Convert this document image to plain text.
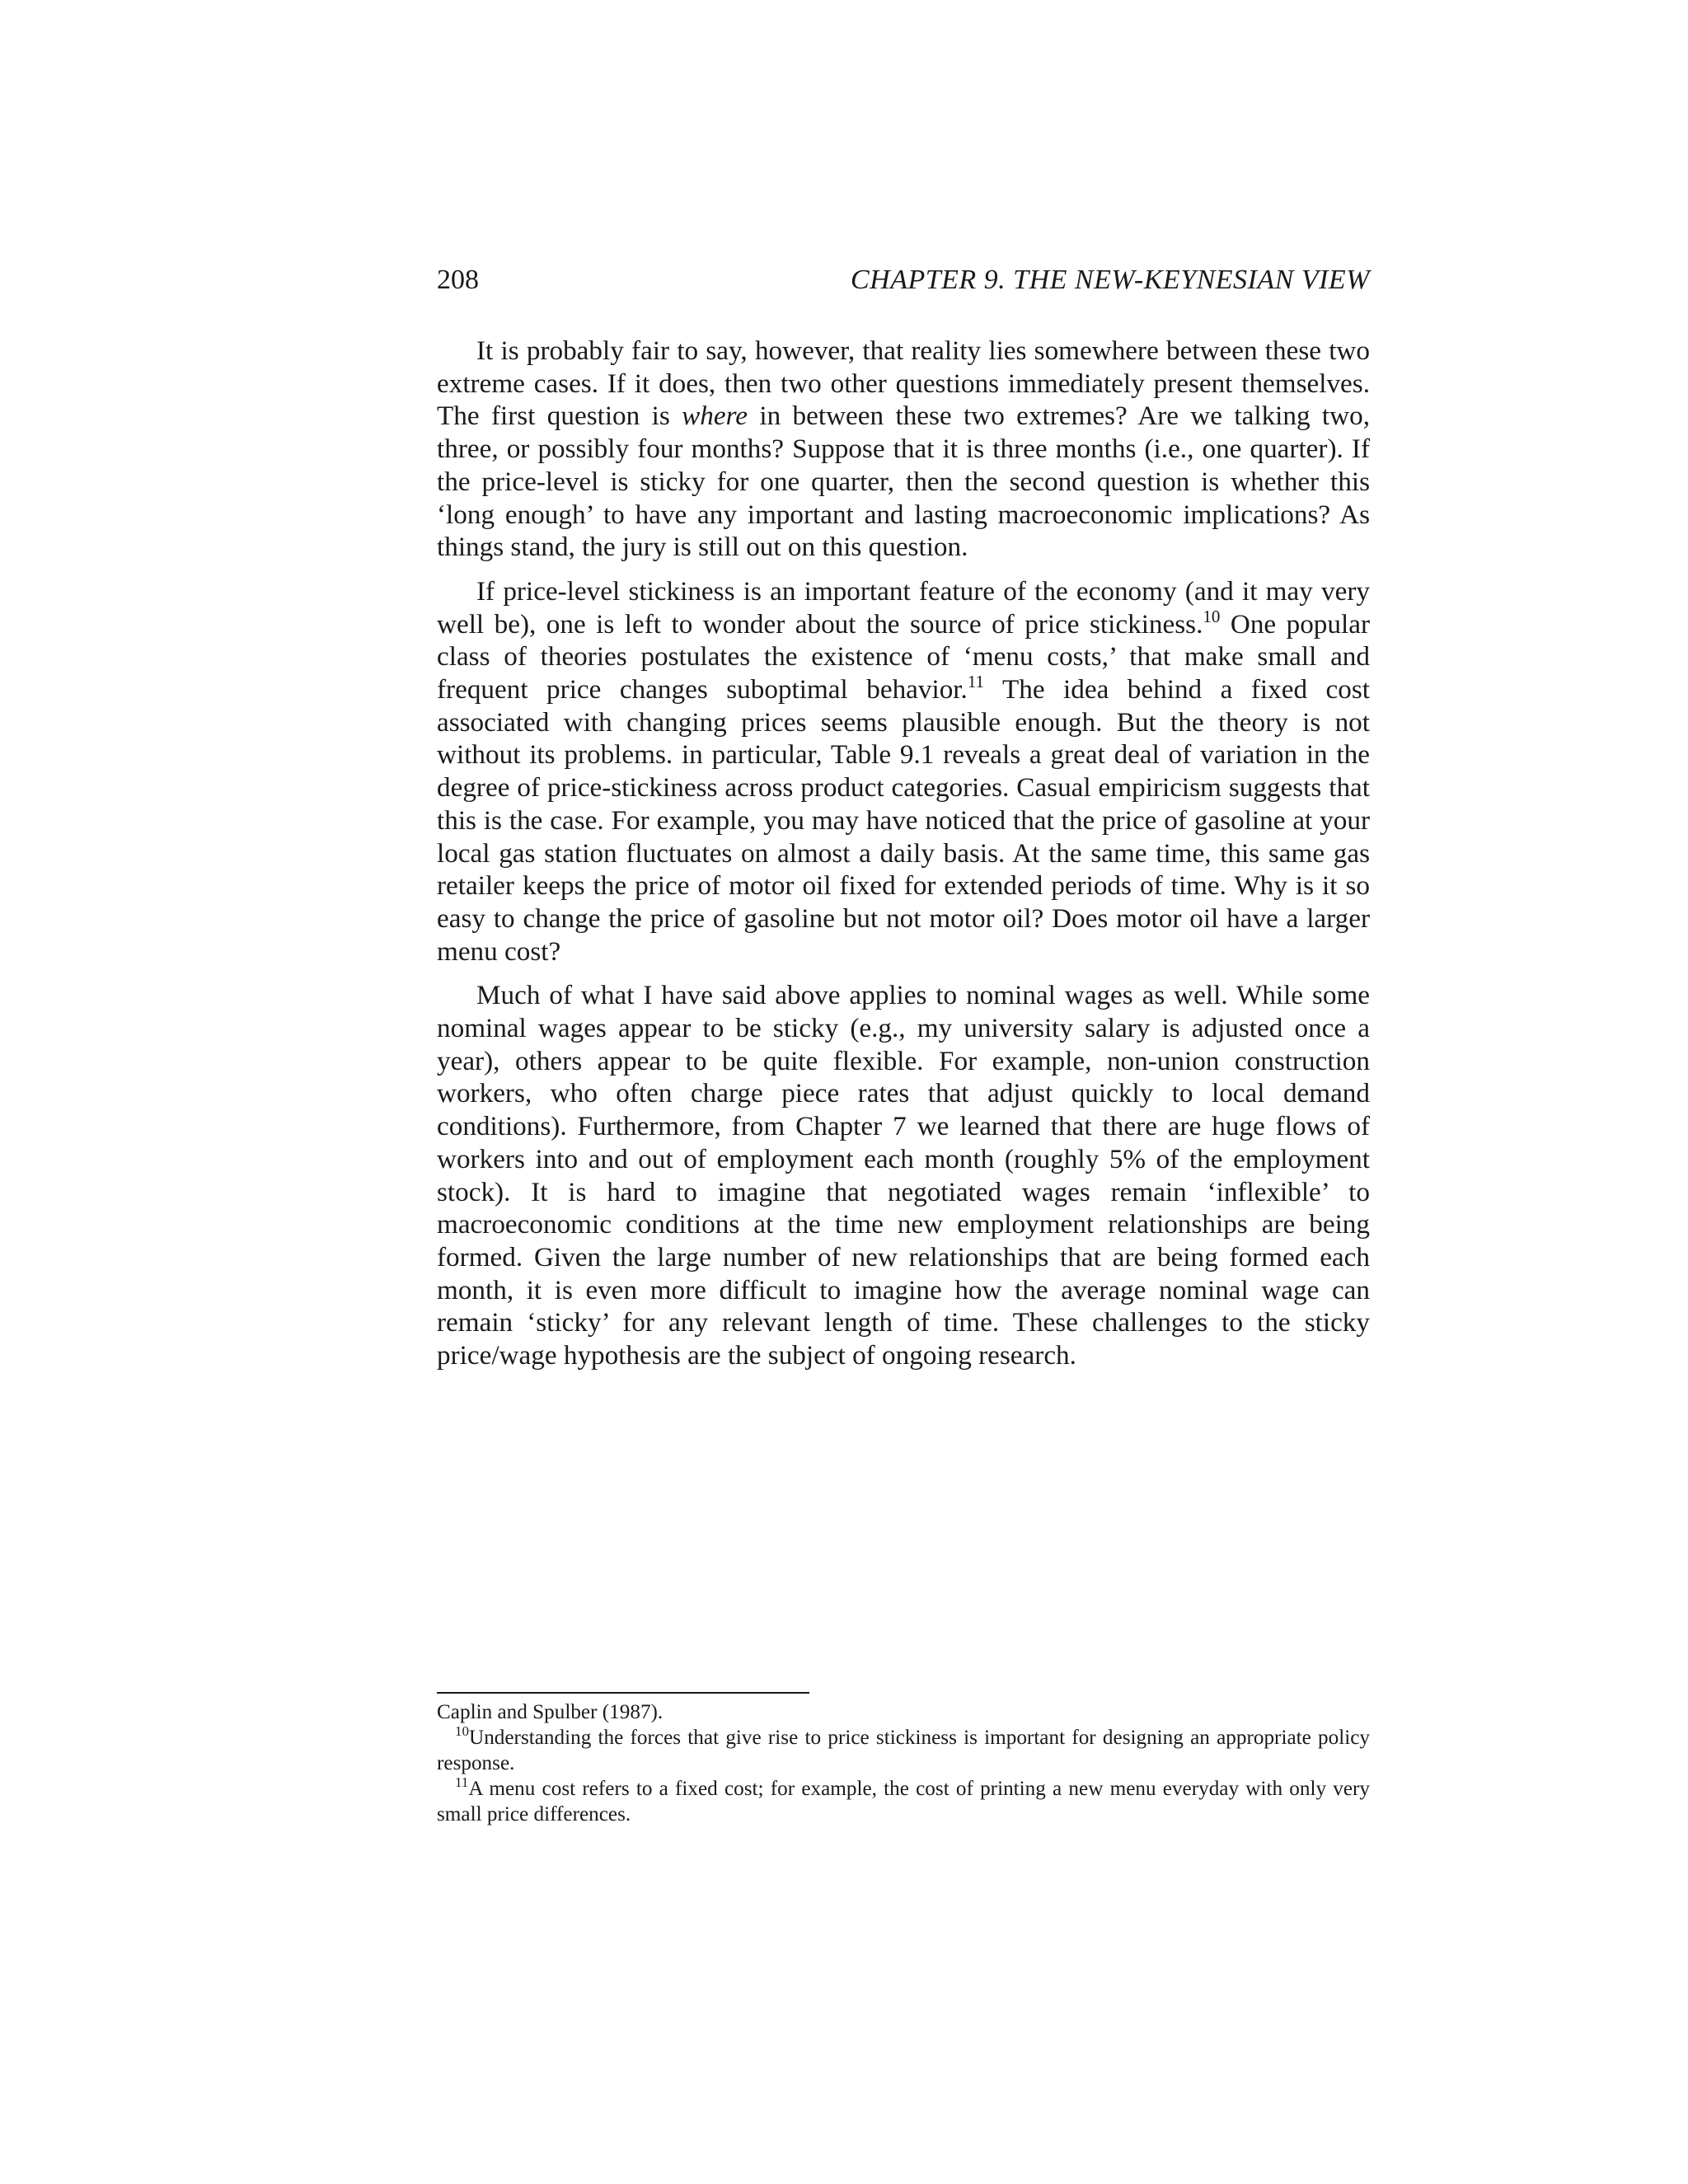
208	CHAPTER 9. THE NEW-KEYNESIAN VIEW

It is probably fair to say, however, that reality lies somewhere between these two extreme cases. If it does, then two other questions immediately present themselves. The first question is where in between these two extremes? Are we talking two, three, or possibly four months? Suppose that it is three months (i.e., one quarter). If the price-level is sticky for one quarter, then the second question is whether this ‘long enough’ to have any important and lasting macroeconomic implications? As things stand, the jury is still out on this question.

If price-level stickiness is an important feature of the economy (and it may very well be), one is left to wonder about the source of price stickiness.$^{10}$ One popular class of theories postulates the existence of ‘menu costs,’ that make small and frequent price changes suboptimal behavior.$^{11}$ The idea behind a fixed cost associated with changing prices seems plausible enough. But the theory is not without its problems. in particular, Table 9.1 reveals a great deal of variation in the degree of price-stickiness across product categories. Casual empiricism suggests that this is the case. For example, you may have noticed that the price of gasoline at your local gas station fluctuates on almost a daily basis. At the same time, this same gas retailer keeps the price of motor oil fixed for extended periods of time. Why is it so easy to change the price of gasoline but not motor oil? Does motor oil have a larger menu cost?

Much of what I have said above applies to nominal wages as well. While some nominal wages appear to be sticky (e.g., my university salary is adjusted once a year), others appear to be quite flexible. For example, non-union construction workers, who often charge piece rates that adjust quickly to local demand conditions). Furthermore, from Chapter 7 we learned that there are huge flows of workers into and out of employment each month (roughly 5% of the employment stock). It is hard to imagine that negotiated wages remain ‘inflexible’ to macroeconomic conditions at the time new employment relationships are being formed. Given the large number of new relationships that are being formed each month, it is even more difficult to imagine how the average nominal wage can remain ‘sticky’ for any relevant length of time. These challenges to the sticky price/wage hypothesis are the subject of ongoing research.

Caplin and Spulber (1987).

$^{10}$Understanding the forces that give rise to price stickiness is important for designing an appropriate policy response.

$^{11}$A menu cost refers to a fixed cost; for example, the cost of printing a new menu everyday with only very small price differences.
